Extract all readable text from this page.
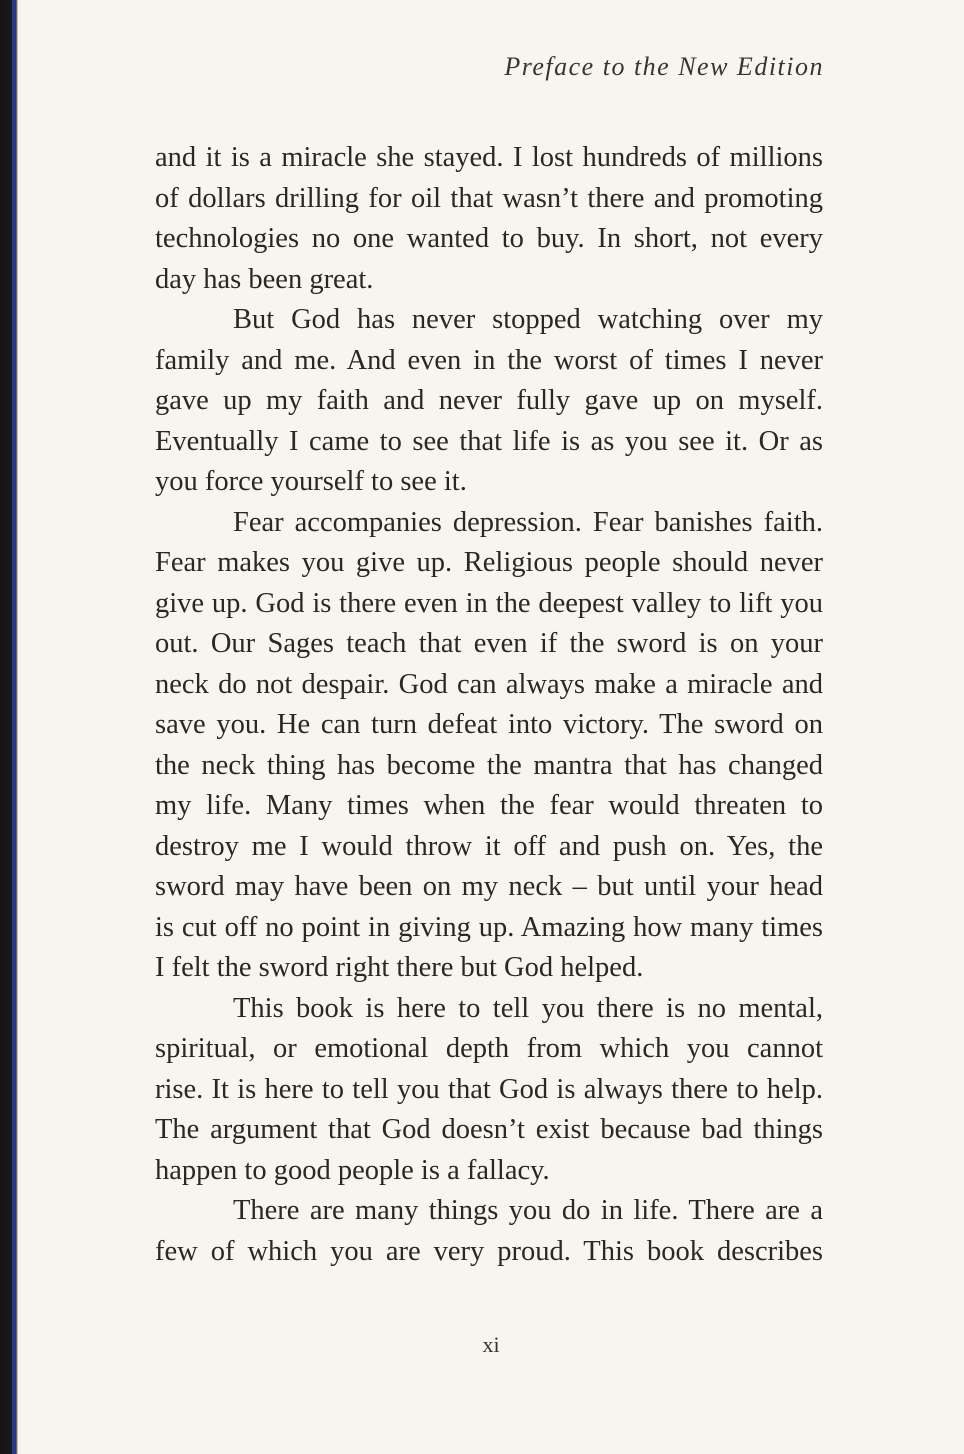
Preface to the New Edition
and it is a miracle she stayed. I lost hundreds of millions
of dollars drilling for oil that wasn’t there and promoting
technologies no one wanted to buy. In short, not every
day has been great.
But God has never stopped watching over my
family and me. And even in the worst of times I never
gave up my faith and never fully gave up on myself.
Eventually I came to see that life is as you see it. Or as
you force yourself to see it.
Fear accompanies depression. Fear banishes faith.
Fear makes you give up. Religious people should never
give up. God is there even in the deepest valley to lift you
out. Our Sages teach that even if the sword is on your
neck do not despair. God can always make a miracle and
save you. He can turn defeat into victory. The sword on
the neck thing has become the mantra that has changed
my life. Many times when the fear would threaten to
destroy me I would throw it off and push on. Yes, the
sword may have been on my neck – but until your head
is cut off no point in giving up. Amazing how many times
I felt the sword right there but God helped.
This book is here to tell you there is no mental,
spiritual, or emotional depth from which you cannot
rise. It is here to tell you that God is always there to help.
The argument that God doesn’t exist because bad things
happen to good people is a fallacy.
There are many things you do in life. There are a
few of which you are very proud. This book describes
xi
